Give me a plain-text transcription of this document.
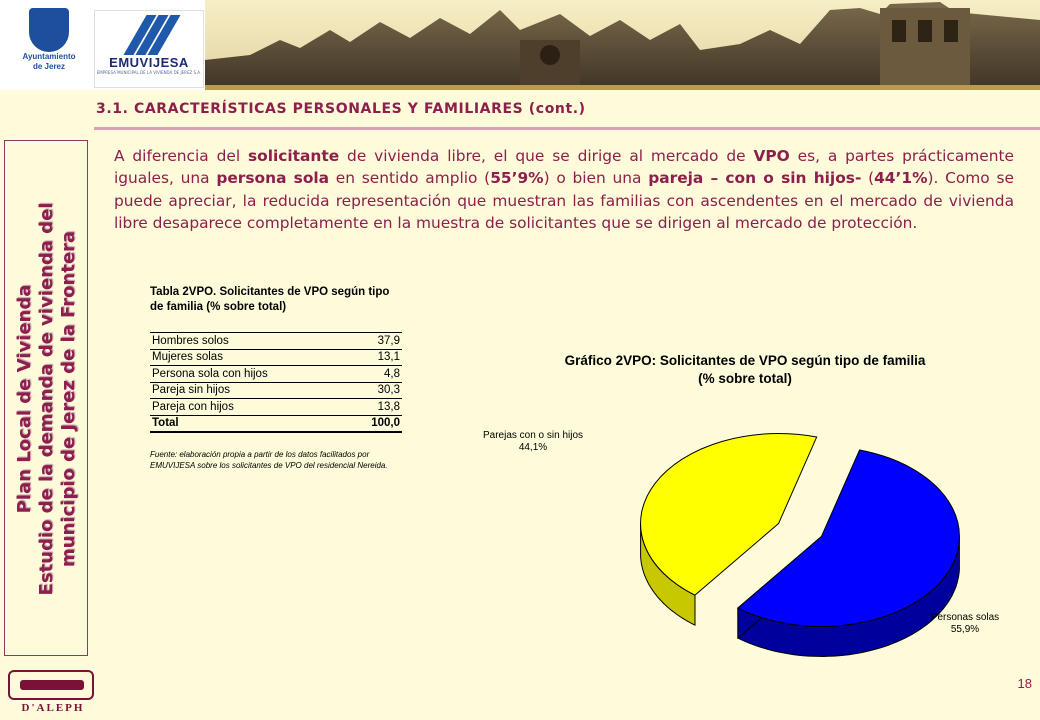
Ayuntamiento
de Jerez	EMUVIJESA
EMPRESA MUNICIPAL DE LA VIVIENDA DE JEREZ S.A.
3.1. CARACTERÍSTICAS PERSONALES Y FAMILIARES (cont.)
Plan Local de Vivienda Estudio de la demanda de vivienda del municipio de Jerez de la Frontera
A diferencia del solicitante de vivienda libre, el que se dirige al mercado de VPO es, a partes prácticamente iguales, una persona sola en sentido amplio (55’9%) o bien una pareja – con o sin hijos- (44’1%). Como se puede apreciar, la reducida representación que muestran las familias con ascendentes en el mercado de vivienda libre desaparece completamente en la muestra de solicitantes que se dirigen al mercado de protección.
Tabla 2VPO. Solicitantes de VPO según tipo de familia (% sobre total)
Hombres solos	37,9
Mujeres solas	13,1
Persona sola con hijos	4,8
Pareja sin hijos	30,3
Pareja con hijos	13,8
Total	100,0
Fuente: elaboración propia a partir de los datos facilitados por EMUVIJESA sobre los solicitantes de VPO del residencial Nereida.
Gráfico 2VPO: Solicitantes de VPO según tipo de familia
(% sobre total)
Parejas con o sin hijos
44,1%
Personas solas
55,9%
18
D'ALEPH
